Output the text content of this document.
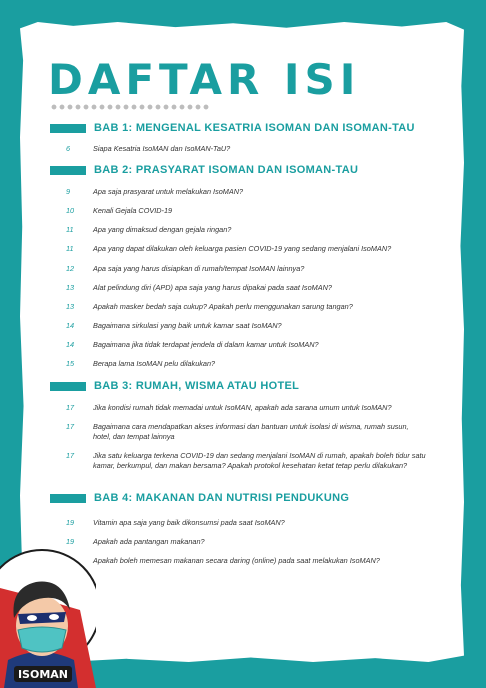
DAFTAR ISI
BAB 1: MENGENAL KESATRIA ISOMAN DAN ISOMAN-TAU
6	Siapa Kesatria IsoMAN dan IsoMAN-TaU?
BAB 2: PRASYARAT ISOMAN DAN ISOMAN-TAU
9	Apa saja prasyarat untuk melakukan IsoMAN?
10	Kenali Gejala COVID-19
11	Apa yang dimaksud dengan gejala ringan?
11	Apa yang dapat dilakukan oleh keluarga pasien COVID-19 yang sedang menjalani IsoMAN?
12	Apa saja yang harus disiapkan di rumah/tempat IsoMAN lainnya?
13	Alat pelindung diri (APD) apa saja yang harus dipakai pada saat IsoMAN?
13	Apakah masker bedah saja cukup? Apakah perlu menggunakan sarung tangan?
14	Bagaimana sirkulasi yang baik untuk kamar saat IsoMAN?
14	Bagaimana jika tidak terdapat jendela di dalam kamar untuk IsoMAN?
15	Berapa lama IsoMAN pelu dilakukan?
BAB 3: RUMAH, WISMA ATAU HOTEL
17	Jika kondisi rumah tidak memadai untuk IsoMAN, apakah ada sarana umum untuk IsoMAN?
17	Bagaimana cara mendapatkan akses informasi dan bantuan untuk isolasi di wisma, rumah susun, hotel, dan tempat lainnya
17	Jika satu keluarga terkena COVID-19 dan sedang menjalani IsoMAN di rumah, apakah boleh tidur satu kamar, berkumpul, dan makan bersama? Apakah protokol kesehatan ketat tetap perlu dilakukan?
BAB 4: MAKANAN DAN NUTRISI PENDUKUNG
19	Vitamin apa saja yang baik dikonsumsi pada saat IsoMAN?
19	Apakah ada pantangan makanan?
Apakah boleh memesan makanan secara daring (online) pada saat melakukan IsoMAN?
ISOMAN
